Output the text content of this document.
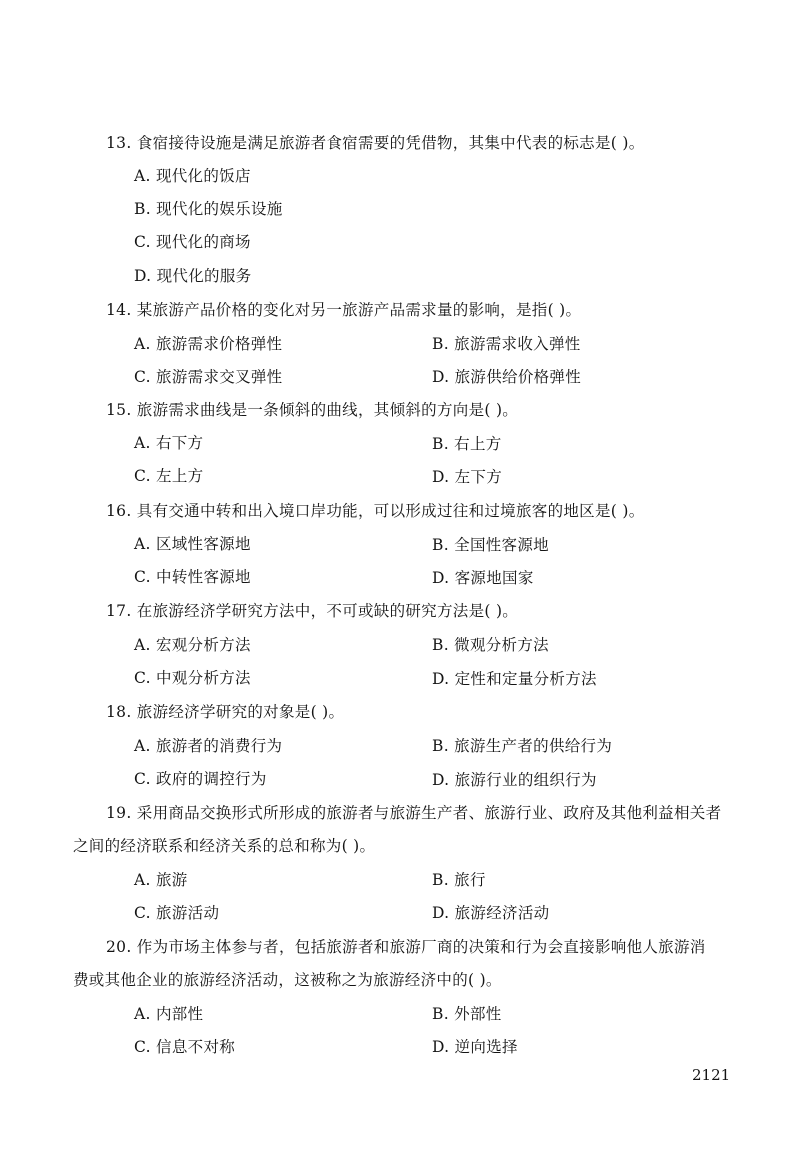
13. 食宿接待设施是满足旅游者食宿需要的凭借物，其集中代表的标志是( )。
A. 现代化的饭店
B. 现代化的娱乐设施
C. 现代化的商场
D. 现代化的服务
14. 某旅游产品价格的变化对另一旅游产品需求量的影响，是指( )。
A. 旅游需求价格弹性	B. 旅游需求收入弹性
C. 旅游需求交叉弹性	D. 旅游供给价格弹性
15. 旅游需求曲线是一条倾斜的曲线，其倾斜的方向是( )。
A. 右下方	B. 右上方
C. 左上方	D. 左下方
16. 具有交通中转和出入境口岸功能，可以形成过往和过境旅客的地区是( )。
A. 区域性客源地	B. 全国性客源地
C. 中转性客源地	D. 客源地国家
17. 在旅游经济学研究方法中，不可或缺的研究方法是( )。
A. 宏观分析方法	B. 微观分析方法
C. 中观分析方法	D. 定性和定量分析方法
18. 旅游经济学研究的对象是( )。
A. 旅游者的消费行为	B. 旅游生产者的供给行为
C. 政府的调控行为	D. 旅游行业的组织行为
19. 采用商品交换形式所形成的旅游者与旅游生产者、旅游行业、政府及其他利益相关者
之间的经济联系和经济关系的总和称为( )。
A. 旅游	B. 旅行
C. 旅游活动	D. 旅游经济活动
20. 作为市场主体参与者，包括旅游者和旅游厂商的决策和行为会直接影响他人旅游消
费或其他企业的旅游经济活动，这被称之为旅游经济中的( )。
A. 内部性	B. 外部性
C. 信息不对称	D. 逆向选择
2121
